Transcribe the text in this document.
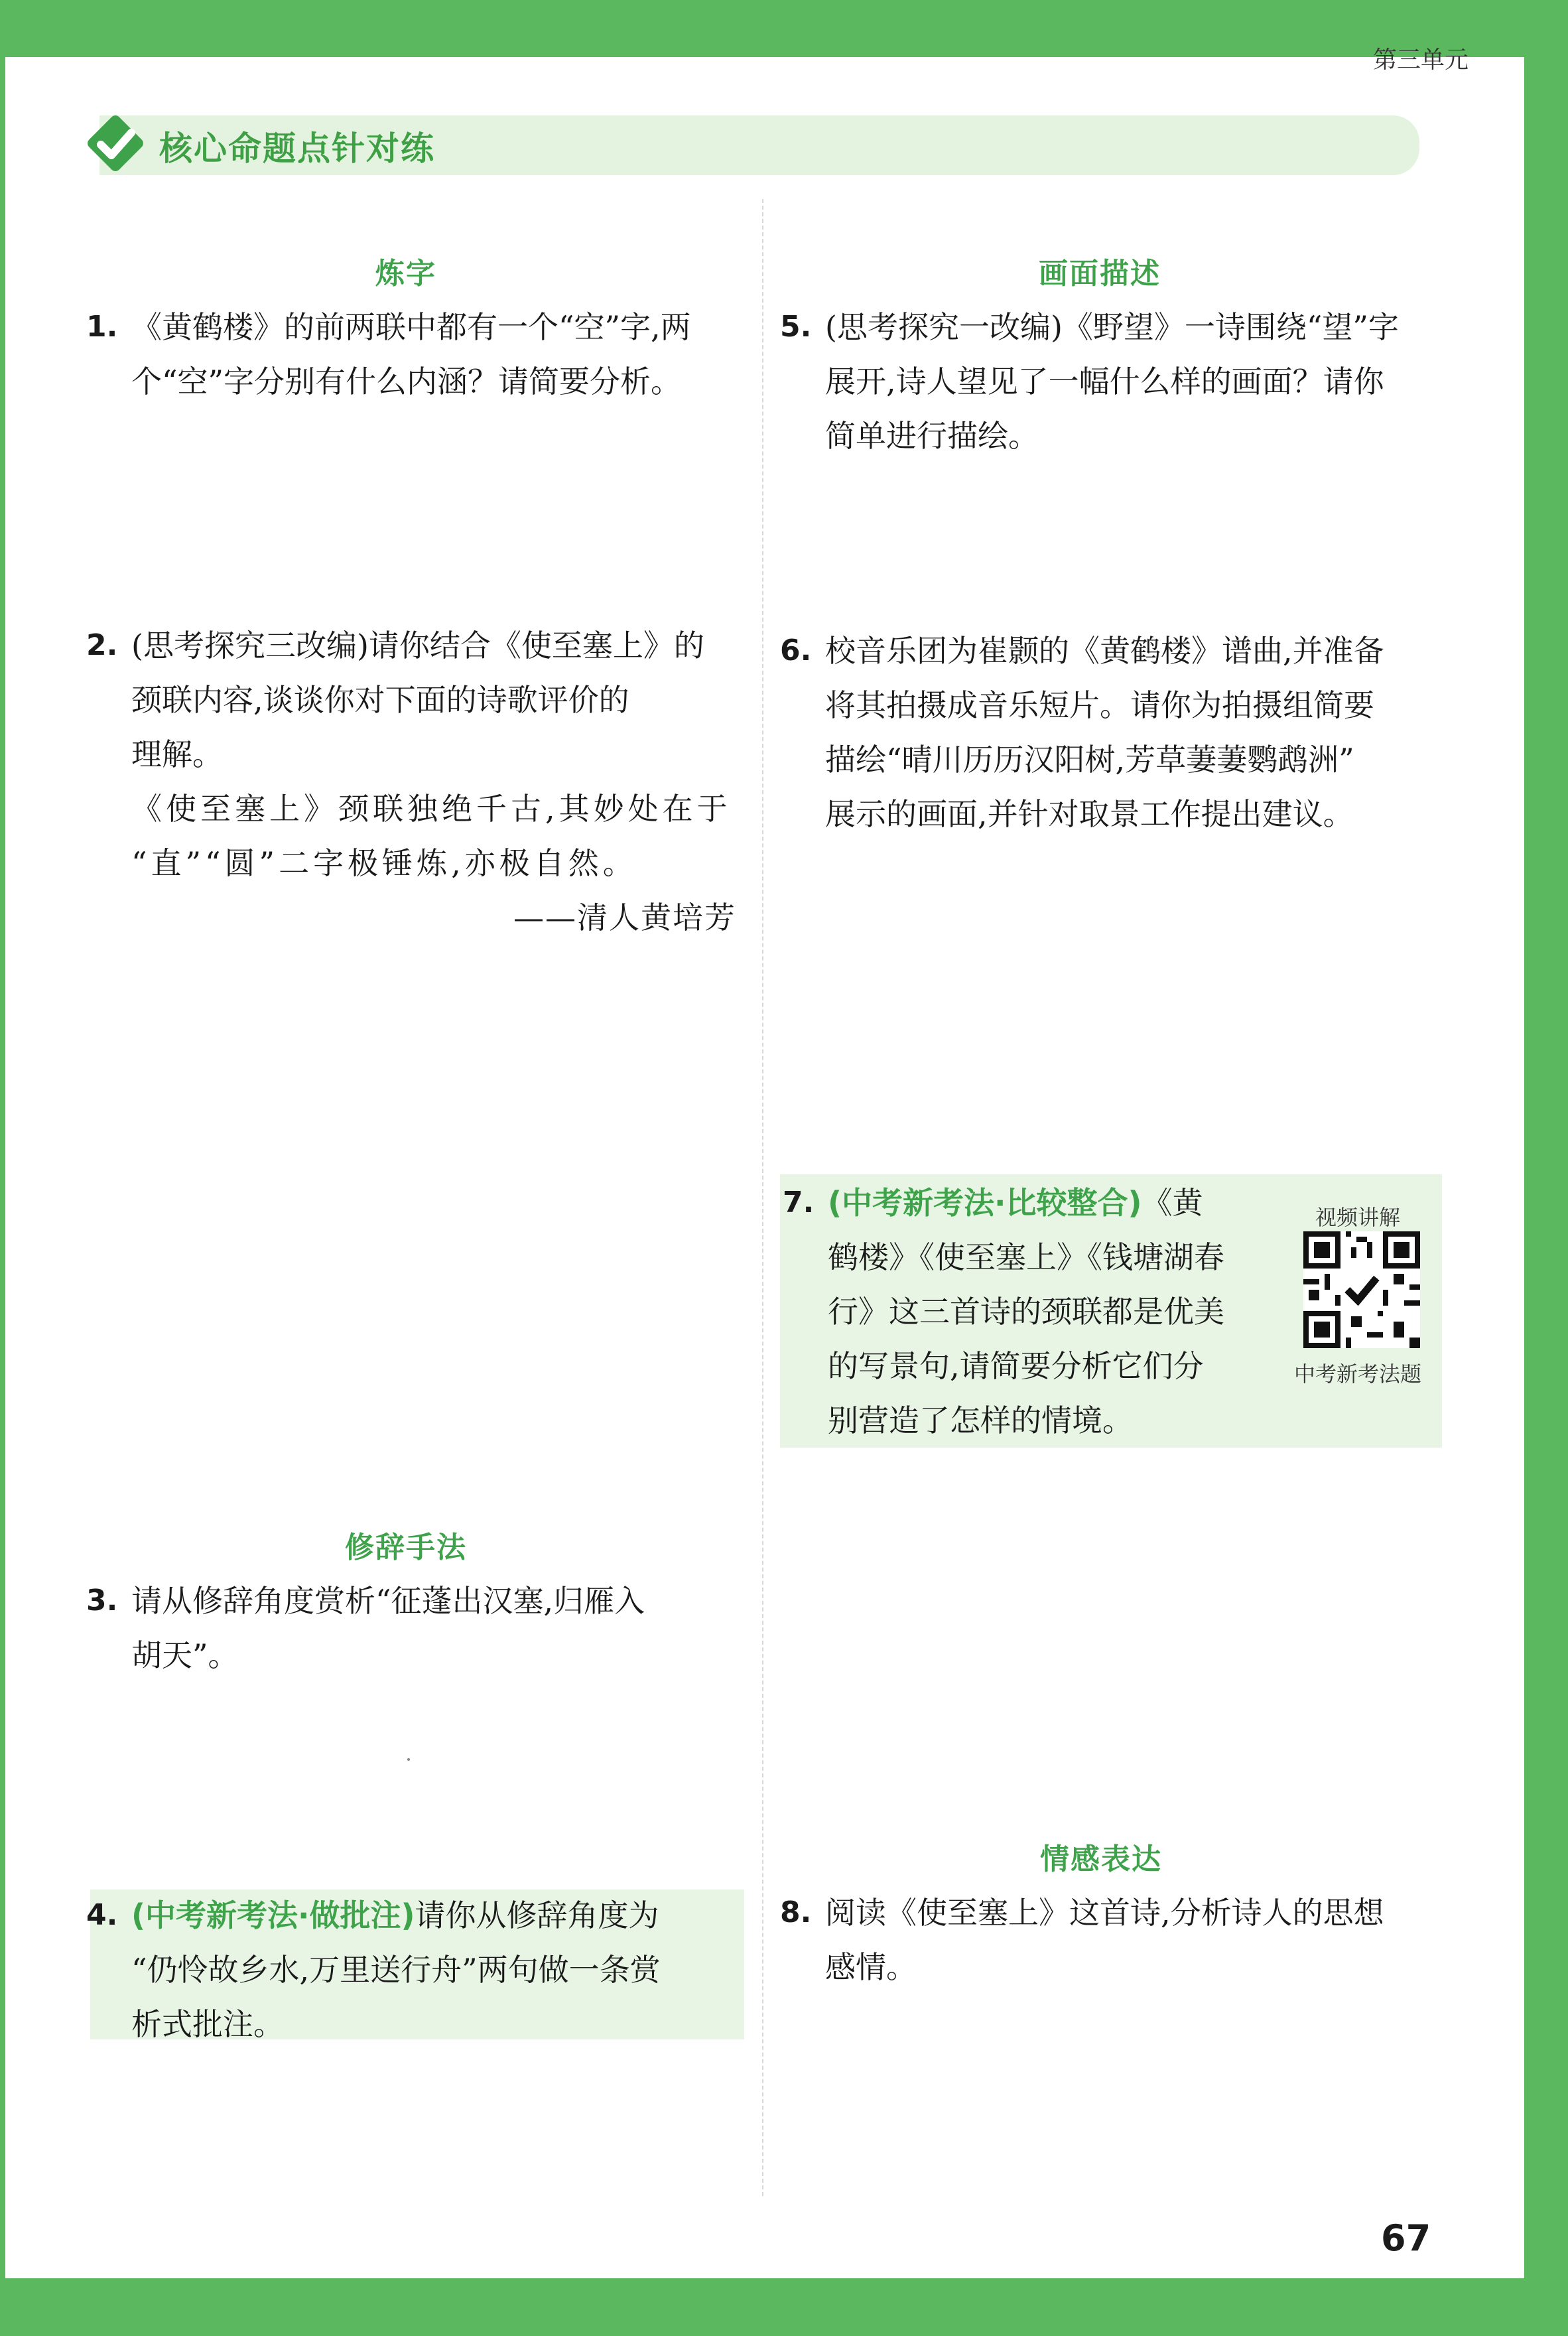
第三单元
核心命题点针对练
炼字
1. 《黄鹤楼》的前两联中都有一个“空”字,两
个“空”字分别有什么内涵？请简要分析。
2. (思考探究三改编)请你结合《使至塞上》的
颈联内容,谈谈你对下面的诗歌评价的
理解。
《使至塞上》颈联独绝千古,其妙处在于
“直”“圆”二字极锤炼,亦极自然。
——清人黄培芳
修辞手法
3. 请从修辞角度赏析“征蓬出汉塞,归雁入
胡天”。
4. (中考新考法·做批注)请你从修辞角度为
“仍怜故乡水,万里送行舟”两句做一条赏
析式批注。
画面描述
5. (思考探究一改编)《野望》一诗围绕“望”字
展开,诗人望见了一幅什么样的画面？请你
简单进行描绘。
6. 校音乐团为崔颢的《黄鹤楼》谱曲,并准备
将其拍摄成音乐短片。请你为拍摄组简要
描绘“晴川历历汉阳树,芳草萋萋鹦鹉洲”
展示的画面,并针对取景工作提出建议。
7. (中考新考法·比较整合)《黄
鹤楼》《使至塞上》《钱塘湖春
行》这三首诗的颈联都是优美
的写景句,请简要分析它们分
别营造了怎样的情境。
视频讲解
中考新考法题
情感表达
8. 阅读《使至塞上》这首诗,分析诗人的思想
感情。
67
